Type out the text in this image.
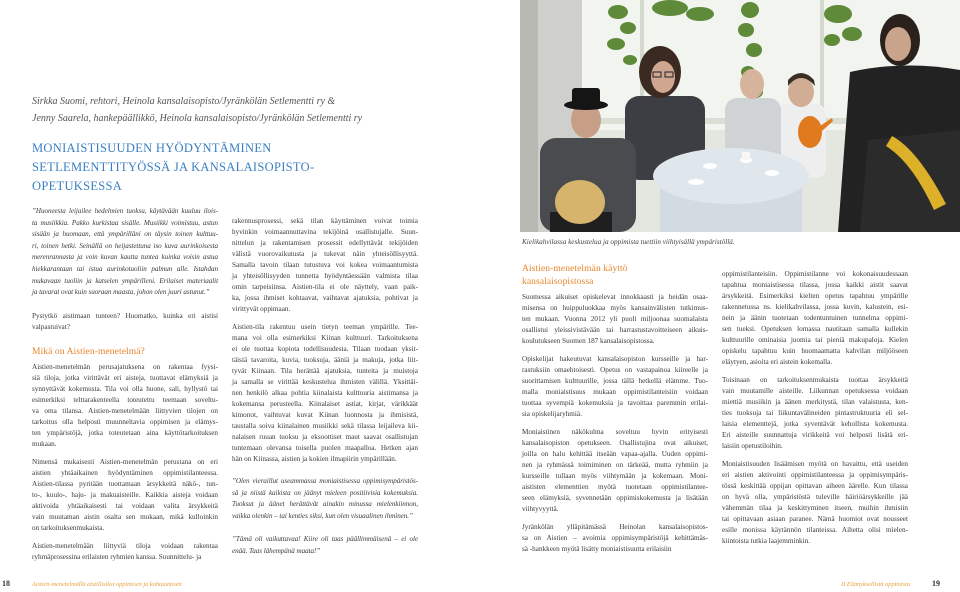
Sirkka Suomi, rehtori, Heinola kansalaisopisto/Jyränkölän Setlementti ry &
Jenny Saarela, hankepäällikkö, Heinola kansalaisopisto/Jyränkölän Setlementti ry
MONIAISTISUUDEN HYÖDYNTÄMINEN
SETLEMENTTITYÖSSÄ JA KANSALAISOPISTO-
OPETUKSESSA
”Huoneesta leijailee hedelmien tuoksu, käytävään kuuluu ilois-
ta musiikkia. Pakko kurkistaa sisälle. Musiikki voimistuu, astun
sisään ja huomaan, että ympärilläni on täysin toinen kulttuu-
ri, toinen hetki. Seinällä on heijastettuna iso kuva aurinkoisesta
merenrannasta ja voin kuvan kautta tuntea kuinka voisin astua
hiekkarantaan tai istua aurinkotuoliin palmun alle. Istahdan
mukavaan tuoliin ja katselen ympärilleni. Erilaiset materiaalit
ja tavarat ovat kuin suoraan maasta, johon olen juuri astunut.”
Pystytkö aistimaan tunteen? Huomatko, kuinka eri aistisi
valpastuivat?
Mikä on Aistien-menetelmä?
Aistien-menetelmän perusajatuksena on rakentaa fyysi-
siä tiloja, jotka virittävät eri aisteja, tuottavat elämyksiä ja
synnyttävät kokemusta. Tila voi olla huone, sali, hyllystö tai
esimerkiksi telttarakenteella toteutettu teemaan soveltu-
va oma tilansa. Aistien-menetelmään liittyvien tilojen on
tarkoitus olla helposti muunneltavia oppimisen ja elämys-
ten ympäristöjä, jotka toteutetaan aina käyttötarkoituksen
mukaan.
Nimensä mukaisesti Aistien-menetelmän perustana on eri
aistien yhtäaikainen hyödyntäminen oppimistilanteessa.
Aistien-tilassa pyritään tuottamaan ärsykkeitä näkö-, tun-
to-, kuulo-, haju- ja makuaisteille. Kaikkia aisteja voidaan
aktivoida yhtäaikaisesti tai voidaan valita ärsykkeitä
vain muutaman aistin osalta sen mukaan, mikä kulloinkin
on tarkoituksenmukaista.
Aistien-menetelmään liittyviä tiloja voidaan rakentaa
ryhmäprosessina erilaisten ryhmien kanssa. Suunnittelu- ja
rakennusprosessi, sekä tilan käyttäminen voivat toimia
hyvinkin voimaannuttavina tekijöinä osallistujalle. Suun-
nittelun ja rakentamisen prosessit edellyttävät tekijöiden
välistä vuorovaikutusta ja tukevat näin yhteisöllisyyttä.
Samalla tavoin tilaan tutustuva voi kokea voimaantumista
ja yhteisöllisyyden tunnetta hyödyntäessään valmista tilaa
omin tarpeisiinsa. Aistien-tila ei ole näyttely, vaan paik-
ka, jossa ihmiset kohtaavat, vaihtavat ajatuksia, pohtivat ja
virittyvät oppimaan.
Aistien-tila rakentuu usein tietyn teeman ympärille. Tee-
mana voi olla esimerkiksi Kiinan kulttuuri. Tarkoituksena
ei ole tuottaa kopiota todellisuudesta. Tilaan tuodaan yksit-
täisiä tavaroita, kuvia, tuoksuja, ääniä ja makuja, jotka liit-
tyvät Kiinaan. Tila herättää ajatuksia, tunteita ja muistoja
ja samalla se virittää keskustelua ihmisten välillä. Yksittäi-
nen henkilö alkaa pohtia kiinalaista kulttuuria aistimansa ja
kokemansa perusteella. Kiinalaiset astiat, kirjat, värikkäät
kimonot, vaihtuvat kuvat Kiinan luonnosta ja ihmisistä,
taustalla soiva kiinalainen musiikki sekä tilassa leijaileva kii-
nalaisen ruuan tuoksu ja eksoottiset maut saavat osallistujan
tuntemaan olevansa toisella puolen maapalloa. Hetken ajan
hän on Kiinassa, aistien ja kokien ilmapiirin ympärillään.
”Olen vieraillut useammassa moniaistisessa oppimisympäristös-
sä ja niistä kaikista on jäänyt mieleen positiivisia kokemuksia.
Tuoksut ja äänet herättävät ainakin minussa mielenkiinnon,
vaikka olenkin – tai kenties siksi, kun olen visuaalinen ihminen.”
”Tämä oli vaikuttavaa! Kiire oli taas päällimmäisenä – ei ole
enää. Taas lähempänä maata!”
18	Aistien-menetelmällä aistillisiksi oppimisen ja kohtaamisen
Kielikahvilassa keskustelua ja oppimista tuettiin viihtyisällä ympäristöllä.
Aistien-menetelmän käyttö
kansalaisopistossa
Suomessa aikuiset opiskelevat innokkaasti ja heidän osaa-
misensa on huippuluokkaa myös kansainvälisten tutkimus-
ten mukaan. Vuonna 2012 yli puoli miljoonaa suomalaista
osallistui yleissivistävään tai harrastustavoitteiseen aikuis-
koulutukseen Suomen 187 kansalaisopistossa.
Opiskelijat hakeutuvat kansalaisopiston kursseille ja har-
rastuksiin omaehtoisesti. Opetus on vastapainoa kiireelle ja
suorittamisen kulttuurille, jossa tällä hetkellä elämme. Tuo-
malla moniaistisuus mukaan oppimistilanteisiin voidaan
tuottaa syvempiä kokemuksia ja tavoittaa paremmin erilai-
sia opiskelijaryhmiä.
Moniaistinen näkökulma soveltuu hyvin erityisesti
kansalaisopiston opetukseen. Osallistujina ovat aikuiset,
joilla on halu kehittää itseään vapaa-ajalla. Uuden oppimi-
nen ja ryhmässä toimiminen on tärkeää, mutta ryhmiin ja
kursseille tullaan myös viihtymään ja kokemaan. Moni-
aististen elementtien myötä tuotetaan oppimistilantee-
seen elämyksiä, syvennetään oppimiskokemusta ja lisätään
viihtyvyyttä.
Jyränkölän ylläpitämässä Heinolan kansalaisopistos-
sa on Aistien – avoimia oppimisympäristöjä kehittämäs-
sä -hankkeen myötä lisätty moniaistisuutta erilaisiin
oppimistilanteisiin. Oppimistilanne voi kokonaisuudessaan
tapahtua moniaistisessa tilassa, jossa kaikki aistit saavat
ärsykkeitä. Esimerkiksi kielten opetus tapahtuu ympärille
rakennetussa ns. kielikahvilassa, jossa kuvin, kalustein, esi-
nein ja äänin tuotetaan todentuntuinen tunnelma oppimi-
sen tueksi. Opetuksen lomassa nautitaan samalla kullekin
kulttuurille ominaisia juomia tai pieniä makupaloja. Kielen
opiskelu tapahtuu kuin huomaamatta kahvilan miljööseen
eläytyen, asioita eri aistein kokemalla.
Toisinaan on tarkoituksenmukaista tuottaa ärsykkeitä
vain muutamille aisteille. Liikunnan opetuksessa voidaan
miettiä musiikin ja äänen merkitystä, tilan valaistusta, ken-
ties tuoksuja tai liikuntavälineiden pintastruktuuria eli sel-
laisia elementtejä, jotka syventävät kehollista kokemusta.
Eri aisteille suunnattuja virikkeitä voi helposti lisätä eri-
laisiin opetustiloihin.
Moniaistisuuden lisäämisen myötä on havaittu, että useiden
eri aistien aktivointi oppimistilanteessa ja oppimisympäris-
tössä keskittää oppijan opittavan aiheen äärelle. Kun tilassa
on hyvä olla, ympäristöstä tuleville häiriöärsykkeille jää
vähemmän tilaa ja keskittyminen itseen, muihin ihmisiin
tai opittavaan asiaan paranee. Nämä huomiot ovat nousseet
esille monissa käytännön tilanteissa. Aihetta olisi mielen-
kiintoista tutkia laajemminkin.
II Elämyksellistä oppimista	19
